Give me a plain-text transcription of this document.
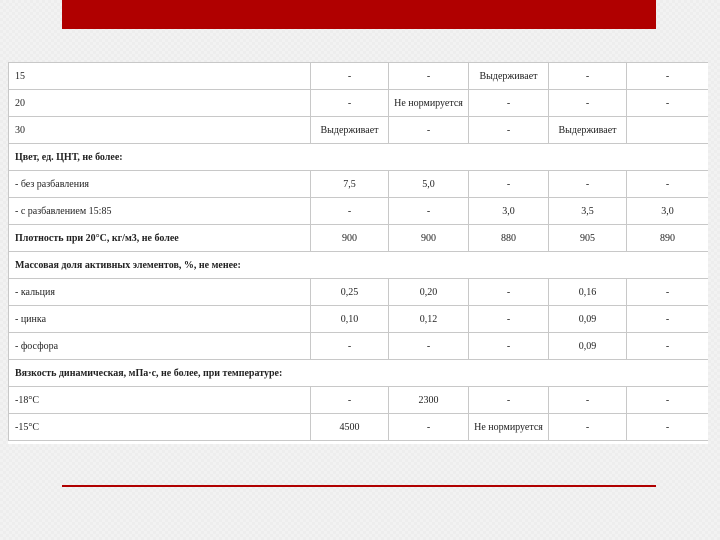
15	-	-	Выдерживает	-	-
20	-	Не нормируется	-	-	-
30	Выдерживает	-	-	Выдерживает	
Цвет, ед. ЦНТ, не более:					
- без разбавления	7,5	5,0	-	-	-
- с разбавлением 15:85	-	-	3,0	3,5	3,0
Плотность при 20°С, кг/м3, не более	900	900	880	905	890
Массовая доля активных элементов, %, не менее:					
- кальция	0,25	0,20	-	0,16	-
- цинка	0,10	0,12	-	0,09	-
- фосфора	-	-	-	0,09	-
Вязкость динамическая, мПа·с, не более, при температуре:					
-18°С	-	2300	-	-	-
-15°С	4500	-	Не нормируется	-	-
